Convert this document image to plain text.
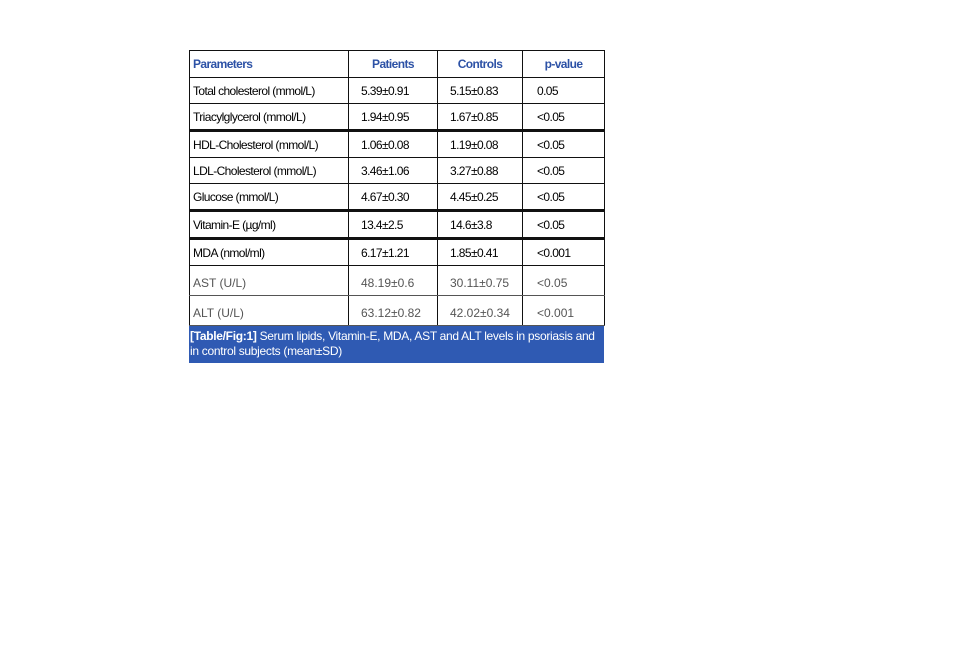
Parameters	Patients	Controls	p-value
Total cholesterol (mmol/L)	5.39±0.91	5.15±0.83	0.05
Triacylglycerol (mmol/L)	1.94±0.95	1.67±0.85	<0.05
HDL-Cholesterol (mmol/L)	1.06±0.08	1.19±0.08	<0.05
LDL-Cholesterol (mmol/L)	3.46±1.06	3.27±0.88	<0.05
Glucose (mmol/L)	4.67±0.30	4.45±0.25	<0.05
Vitamin-E (µg/ml)	13.4±2.5	14.6±3.8	<0.05
MDA (nmol/ml)	6.17±1.21	1.85±0.41	<0.001
AST (U/L)	48.19±0.6	30.11±0.75	<0.05
ALT (U/L)	63.12±0.82	42.02±0.34	<0.001
[Table/Fig:1] Serum lipids, Vitamin-E, MDA, AST and ALT levels in psoriasis and in control subjects (mean±SD)
